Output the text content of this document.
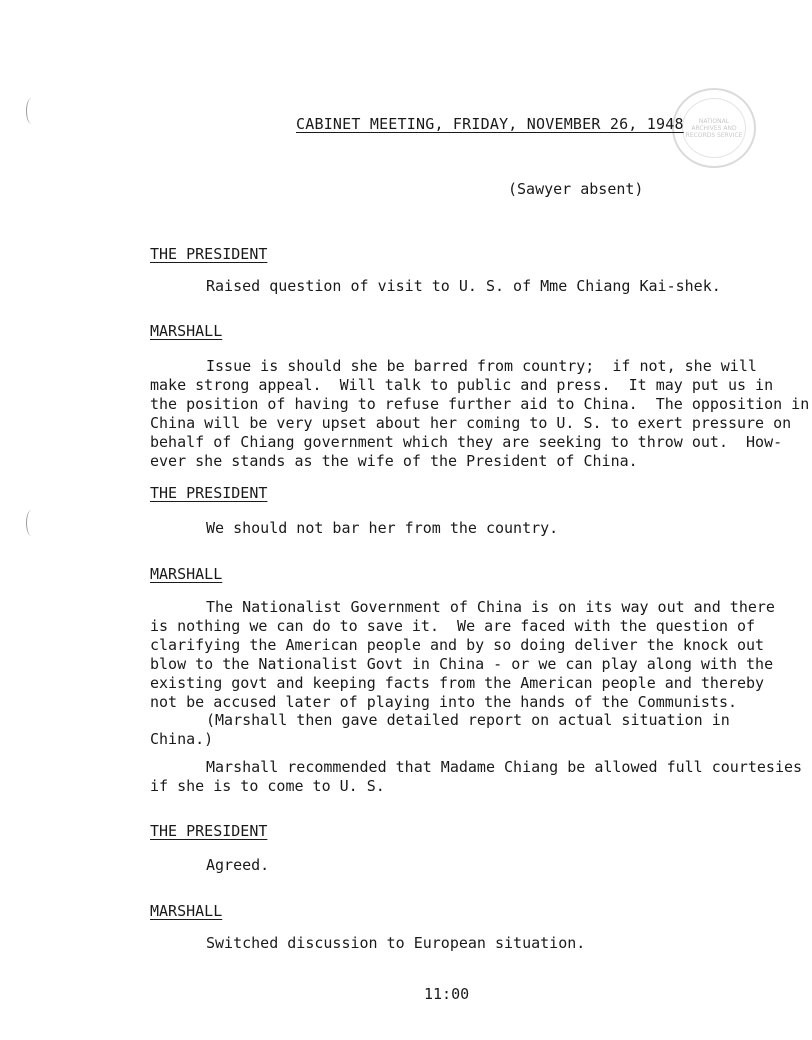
NATIONAL ARCHIVES AND RECORDS SERVICE
CABINET MEETING, FRIDAY, NOVEMBER 26, 1948
(Sawyer absent)
THE PRESIDENT

Raised question of visit to U. S. of Mme Chiang Kai-shek.

MARSHALL

Issue is should she be barred from country;  if not, she will

make strong appeal.  Will talk to public and press.  It may put us in

the position of having to refuse further aid to China.  The opposition in

China will be very upset about her coming to U. S. to exert pressure on

behalf of Chiang government which they are seeking to throw out.  How-

ever she stands as the wife of the President of China.

THE PRESIDENT

We should not bar her from the country.

MARSHALL

The Nationalist Government of China is on its way out and there

is nothing we can do to save it.  We are faced with the question of

clarifying the American people and by so doing deliver the knock out

blow to the Nationalist Govt in China - or we can play along with the

existing govt and keeping facts from the American people and thereby

not be accused later of playing into the hands of the Communists.

(Marshall then gave detailed report on actual situation in

China.)

Marshall recommended that Madame Chiang be allowed full courtesies

if she is to come to U. S.

THE PRESIDENT

Agreed.

MARSHALL

Switched discussion to European situation.

11:00
